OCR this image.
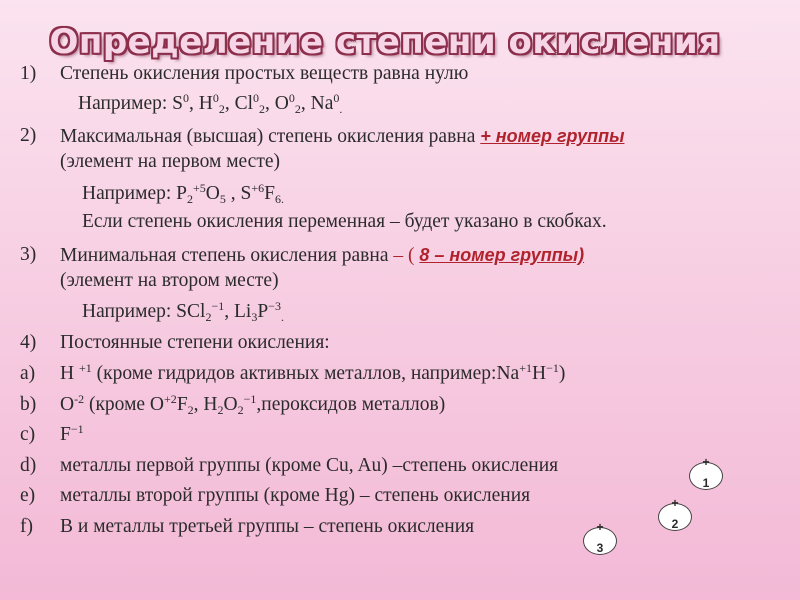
Определение степени окисления
1) Степень окисления простых веществ равна нулю
Например: $S^0$, $H^0_2$, $Cl^0_2$, $O^0_2$, $Na^0_.$
2) Максимальная (высшая) степень окисления равна + номер группы
(элемент на первом месте)
Например: $P_2^{+5}O_5$ , $S^{+6}F_{6.}$
Если степень окисления переменная – будет указано в скобках.
3) Минимальная степень окисления равна – ( 8 – номер группы)
(элемент на втором месте)
Например: SCl$_2^{-1}$, $Li_3P^{-3}_.$
4) Постоянные степени окисления:
a) H $^{+1}$ (кроме гидридов активных металлов, $например:Na^{+1}H^{-1}$)
b) $O^{-2}$ (кроме $O^{+2}F_2$, $H_2O_2^{-1},пероксидов$ металлов)
c) $F^{-1}$
d) металлы первой группы (кроме Cu, Au) –степень окисления	+
1
e) металлы второй группы (кроме Hg) – степень окисления	+
2
f) В и металлы третьей группы – степень окисления	+
3
